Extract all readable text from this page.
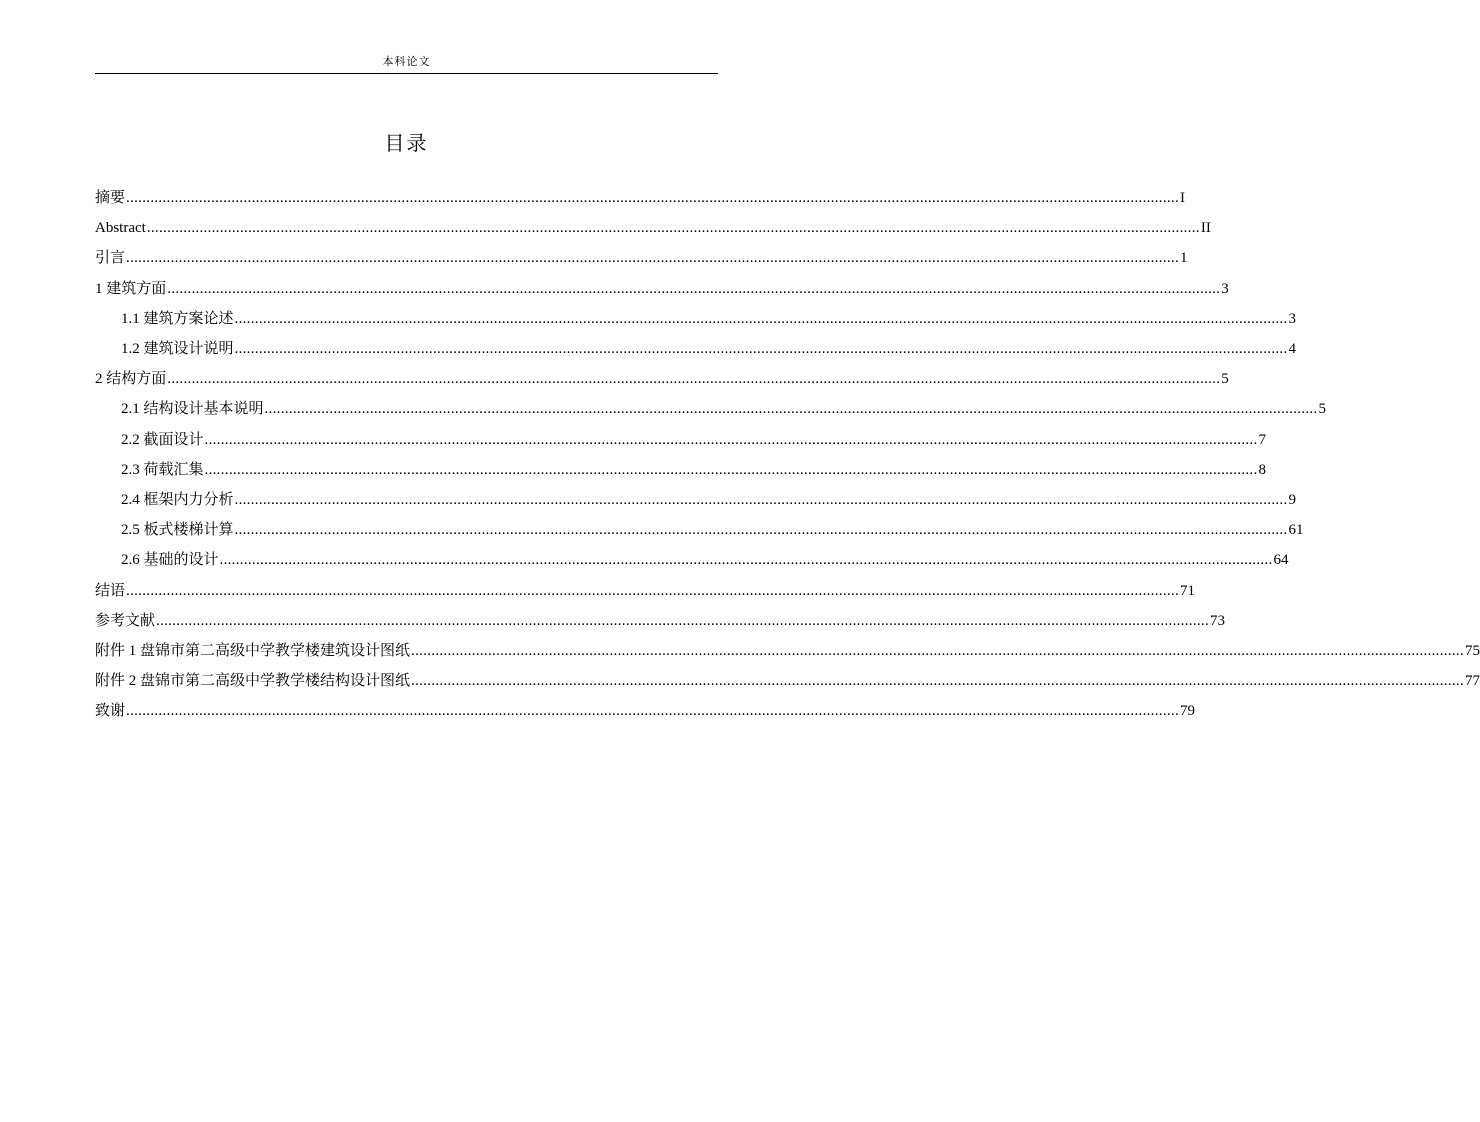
本科论文
目录
摘要 .................................................................................................................................................................................................................................................................... I
Abstract .................................................................................................................................................................................................................................................................... II
引言 .................................................................................................................................................................................................................................................................... 1
1 建筑方面 .................................................................................................................................................................................................................................................................... 3
1.1 建筑方案论述 .................................................................................................................................................................................................................................................................... 3
1.2 建筑设计说明 .................................................................................................................................................................................................................................................................... 4
2 结构方面 .................................................................................................................................................................................................................................................................... 5
2.1 结构设计基本说明 .................................................................................................................................................................................................................................................................... 5
2.2 截面设计 .................................................................................................................................................................................................................................................................... 7
2.3 荷载汇集 .................................................................................................................................................................................................................................................................... 8
2.4 框架内力分析 .................................................................................................................................................................................................................................................................... 9
2.5 板式楼梯计算 .................................................................................................................................................................................................................................................................... 61
2.6 基础的设计 .................................................................................................................................................................................................................................................................... 64
结语 .................................................................................................................................................................................................................................................................... 71
参考文献 .................................................................................................................................................................................................................................................................... 73
附件 1 盘锦市第二高级中学教学楼建筑设计图纸 .................................................................................................................................................................................................................................................................... 75
附件 2 盘锦市第二高级中学教学楼结构设计图纸 .................................................................................................................................................................................................................................................................... 77
致谢 .................................................................................................................................................................................................................................................................... 79
